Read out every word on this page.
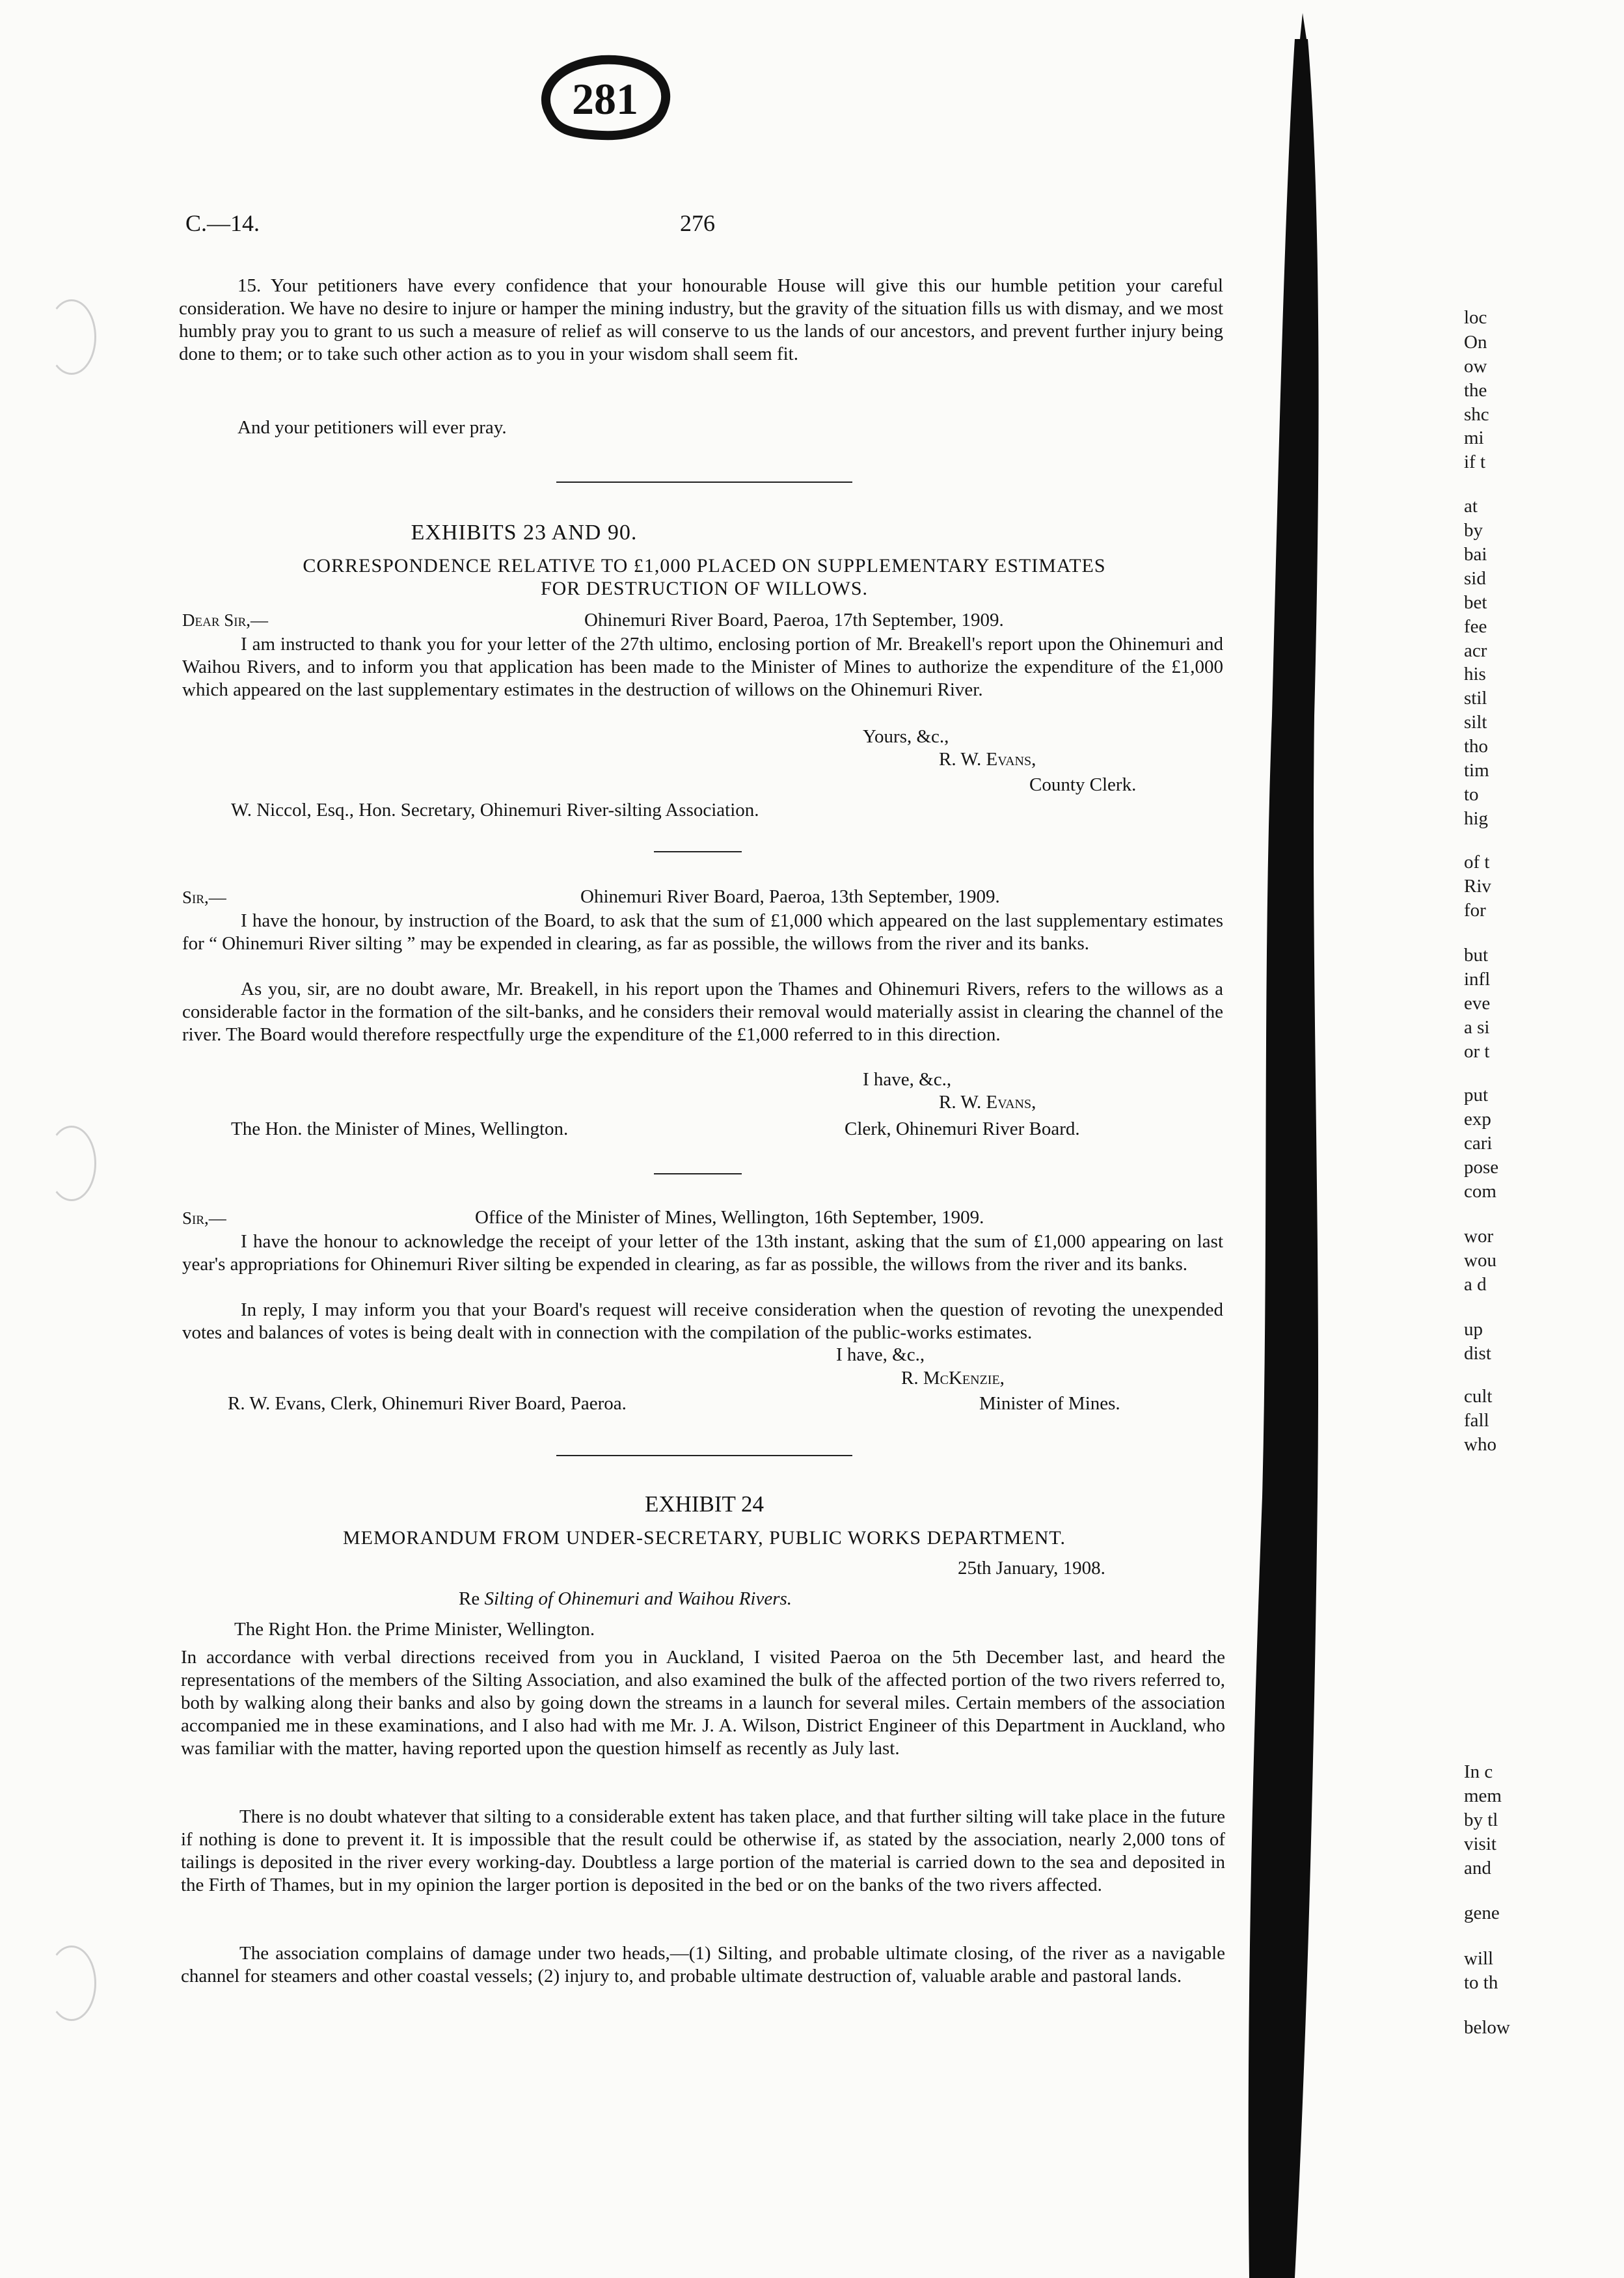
281
C.—14.	276
15. Your petitioners have every confidence that your honourable House will give this our humble petition your careful consideration. We have no desire to injure or hamper the mining industry, but the gravity of the situation fills us with dismay, and we most humbly pray you to grant to us such a measure of relief as will conserve to us the lands of our ancestors, and prevent further injury being done to them; or to take such other action as to you in your wisdom shall seem fit.
And your petitioners will ever pray.
EXHIBITS 23 AND 90.
CORRESPONDENCE RELATIVE TO £1,000 PLACED ON SUPPLEMENTARY ESTIMATES
FOR DESTRUCTION OF WILLOWS.
Dear Sir,—	Ohinemuri River Board, Paeroa, 17th September, 1909.
I am instructed to thank you for your letter of the 27th ultimo, enclosing portion of Mr. Breakell's report upon the Ohinemuri and Waihou Rivers, and to inform you that application has been made to the Minister of Mines to authorize the expenditure of the £1,000 which appeared on the last supplementary estimates in the destruction of willows on the Ohinemuri River.
Yours, &c.,
R. W. Evans,
County Clerk.
W. Niccol, Esq., Hon. Secretary, Ohinemuri River-silting Association.
Sir,—	Ohinemuri River Board, Paeroa, 13th September, 1909.
I have the honour, by instruction of the Board, to ask that the sum of £1,000 which appeared on the last supplementary estimates for “ Ohinemuri River silting ” may be expended in clearing, as far as possible, the willows from the river and its banks.
As you, sir, are no doubt aware, Mr. Breakell, in his report upon the Thames and Ohinemuri Rivers, refers to the willows as a considerable factor in the formation of the silt-banks, and he considers their removal would materially assist in clearing the channel of the river. The Board would therefore respectfully urge the expenditure of the £1,000 referred to in this direction.
I have, &c.,
R. W. Evans,
The Hon. the Minister of Mines, Wellington.	Clerk, Ohinemuri River Board.
Sir,—	Office of the Minister of Mines, Wellington, 16th September, 1909.
I have the honour to acknowledge the receipt of your letter of the 13th instant, asking that the sum of £1,000 appearing on last year's appropriations for Ohinemuri River silting be expended in clearing, as far as possible, the willows from the river and its banks.
In reply, I may inform you that your Board's request will receive consideration when the question of revoting the unexpended votes and balances of votes is being dealt with in connection with the compilation of the public-works estimates.
I have, &c.,
R. McKenzie,
R. W. Evans, Clerk, Ohinemuri River Board, Paeroa.	Minister of Mines.
EXHIBIT 24
MEMORANDUM FROM UNDER-SECRETARY, PUBLIC WORKS DEPARTMENT.
25th January, 1908.
Re Silting of Ohinemuri and Waihou Rivers.
The Right Hon. the Prime Minister, Wellington.
In accordance with verbal directions received from you in Auckland, I visited Paeroa on the 5th December last, and heard the representations of the members of the Silting Association, and also examined the bulk of the affected portion of the two rivers referred to, both by walking along their banks and also by going down the streams in a launch for several miles. Certain members of the association accompanied me in these examinations, and I also had with me Mr. J. A. Wilson, District Engineer of this Department in Auckland, who was familiar with the matter, having reported upon the question himself as recently as July last.
There is no doubt whatever that silting to a considerable extent has taken place, and that further silting will take place in the future if nothing is done to prevent it. It is impossible that the result could be otherwise if, as stated by the association, nearly 2,000 tons of tailings is deposited in the river every working-day. Doubtless a large portion of the material is carried down to the sea and deposited in the Firth of Thames, but in my opinion the larger portion is deposited in the bed or on the banks of the two rivers affected.
The association complains of damage under two heads,—(1) Silting, and probable ultimate closing, of the river as a navigable channel for steamers and other coastal vessels; (2) injury to, and probable ultimate destruction of, valuable arable and pastoral lands.
loc
On
ow
the
shc
mi
if t
at
by
bai
sid
bet
fee
acr
his
stil
silt
tho
tim
to
hig
of t
Riv
for
but
infl
eve
a si
or t
put
exp
cari
pose
com
wor
wou
a d
up
dist
cult
fall
who
In c
mem
by tl
visit
and
gene
will
to th
below
